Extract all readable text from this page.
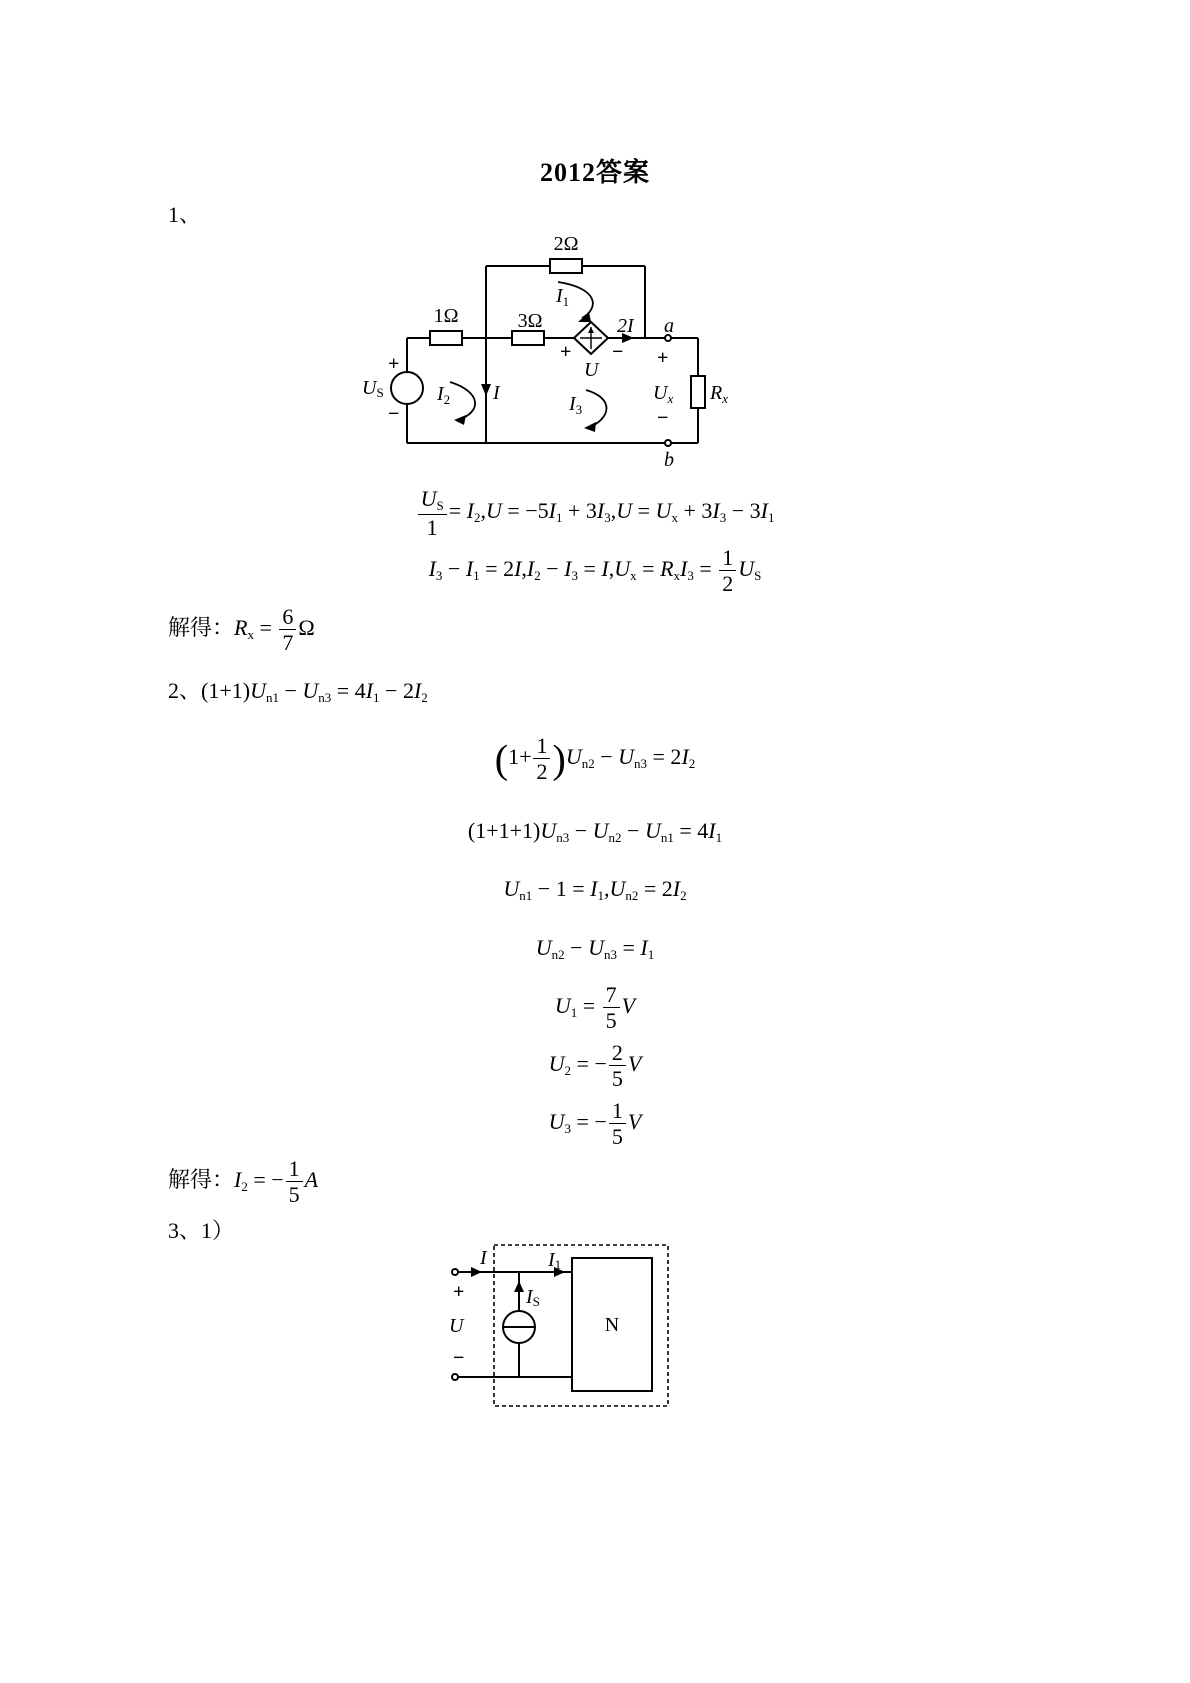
2012答案
1、
2Ω
1Ω	3Ω	2I a
b
US
$I_1$
$I_2$	$I_3$
I
U
$U_x$ $R_x$
+
−
+ − +
−
$\frac{U_S}{1} = I_2,U = -5I_1 + 3I_3,U = U_x + 3I_3 - 3I_1$
$I_3 - I_1 = 2I,I_2 - I_3 = I,U_x = R_xI_3 = \frac{1}{2} U_S$
解得：$R_x = \frac{6}{7}$ Ω
2、$(1+1)U_{n1} - U_{n3} = 4I_1 - 2I_2$
$(1+ \frac{1}{2} )U_{n2} - U_{n3} = 2I_2$
$(1+1+1)U_{n3} - U_{n2} - U_{n1} = 4I_1$
$U_{n1} - 1 = I_1,U_{n2} = 2I_2$
$U_{n2} - U_{n3} = I_1$
$U_1 = \frac{7}{5}$ V
$U_2$ = − $\frac{2}{5}$ V
$U_3$ = − $\frac{1}{5}$ V
解得：$I_2$ = − $\frac{1}{5}$ A
3、1）
I	I1
IS
U	N
+
−
